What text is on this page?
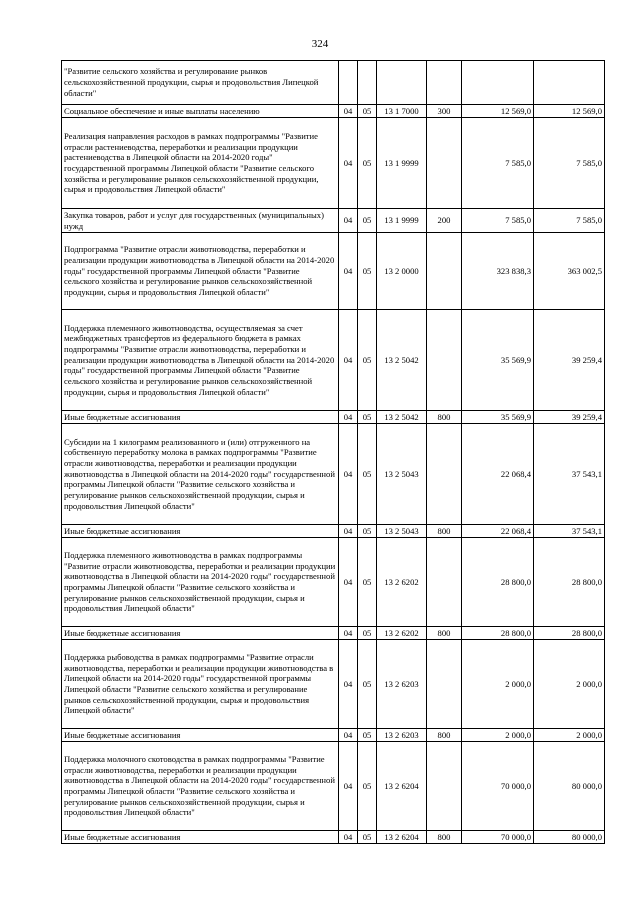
324
"Развитие сельского хозяйства и регулирование рынков сельскохозяйственной продукции, сырья и продовольствия Липецкой области"						
Социальное обеспечение и иные выплаты населению	04	05	13 1 7000	300	12 569,0	12 569,0
Реализация направления расходов в рамках подпрограммы "Развитие отрасли растениеводства, переработки и реализации продукции растениеводства в Липецкой области на 2014-2020 годы" государственной программы Липецкой области "Развитие сельского хозяйства и регулирование рынков сельскохозяйственной продукции, сырья и продовольствия Липецкой области"	04	05	13 1 9999		7 585,0	7 585,0
Закупка товаров, работ и услуг для государственных (муниципальных) нужд	04	05	13 1 9999	200	7 585,0	7 585,0
Подпрограмма "Развитие отрасли животноводства, переработки и реализации продукции животноводства в Липецкой области на 2014-2020 годы" государственной программы Липецкой области "Развитие сельского хозяйства и регулирование рынков сельскохозяйственной продукции, сырья и продовольствия Липецкой области"	04	05	13 2 0000		323 838,3	363 002,5
Поддержка племенного животноводства, осуществляемая за счет межбюджетных трансфертов из федерального бюджета в рамках подпрограммы "Развитие отрасли животноводства, переработки и реализации продукции животноводства в Липецкой области на 2014-2020 годы" государственной программы Липецкой области "Развитие сельского хозяйства и регулирование рынков сельскохозяйственной продукции, сырья и продовольствия Липецкой области"	04	05	13 2 5042		35 569,9	39 259,4
Иные бюджетные ассигнования	04	05	13 2 5042	800	35 569,9	39 259,4
Субсидии на 1 килограмм реализованного и (или) отгруженного на собственную переработку молока в рамках подпрограммы "Развитие отрасли животноводства, переработки и реализации продукции животноводства в Липецкой области на 2014-2020 годы" государственной программы Липецкой области "Развитие сельского хозяйства и регулирование рынков сельскохозяйственной продукции, сырья и продовольствия Липецкой области"	04	05	13 2 5043		22 068,4	37 543,1
Иные бюджетные ассигнования	04	05	13 2 5043	800	22 068,4	37 543,1
Поддержка племенного животноводства в рамках подпрограммы "Развитие отрасли животноводства, переработки и реализации продукции животноводства в Липецкой области на 2014-2020 годы" государственной программы Липецкой области "Развитие сельского хозяйства и регулирование рынков сельскохозяйственной продукции, сырья и продовольствия Липецкой области"	04	05	13 2 6202		28 800,0	28 800,0
Иные бюджетные ассигнования	04	05	13 2 6202	800	28 800,0	28 800,0
Поддержка рыбоводства в рамках подпрограммы "Развитие отрасли животноводства, переработки и реализации продукции животноводства в Липецкой области на 2014-2020 годы" государственной программы Липецкой области "Развитие сельского хозяйства и регулирование рынков сельскохозяйственной продукции, сырья и продовольствия Липецкой области"	04	05	13 2 6203		2 000,0	2 000,0
Иные бюджетные ассигнования	04	05	13 2 6203	800	2 000,0	2 000,0
Поддержка молочного скотоводства в рамках подпрограммы "Развитие отрасли животноводства, переработки и реализации продукции животноводства в Липецкой области на 2014-2020 годы" государственной программы Липецкой области "Развитие сельского хозяйства и регулирование рынков сельскохозяйственной продукции, сырья и продовольствия Липецкой области"	04	05	13 2 6204		70 000,0	80 000,0
Иные бюджетные ассигнования	04	05	13 2 6204	800	70 000,0	80 000,0
